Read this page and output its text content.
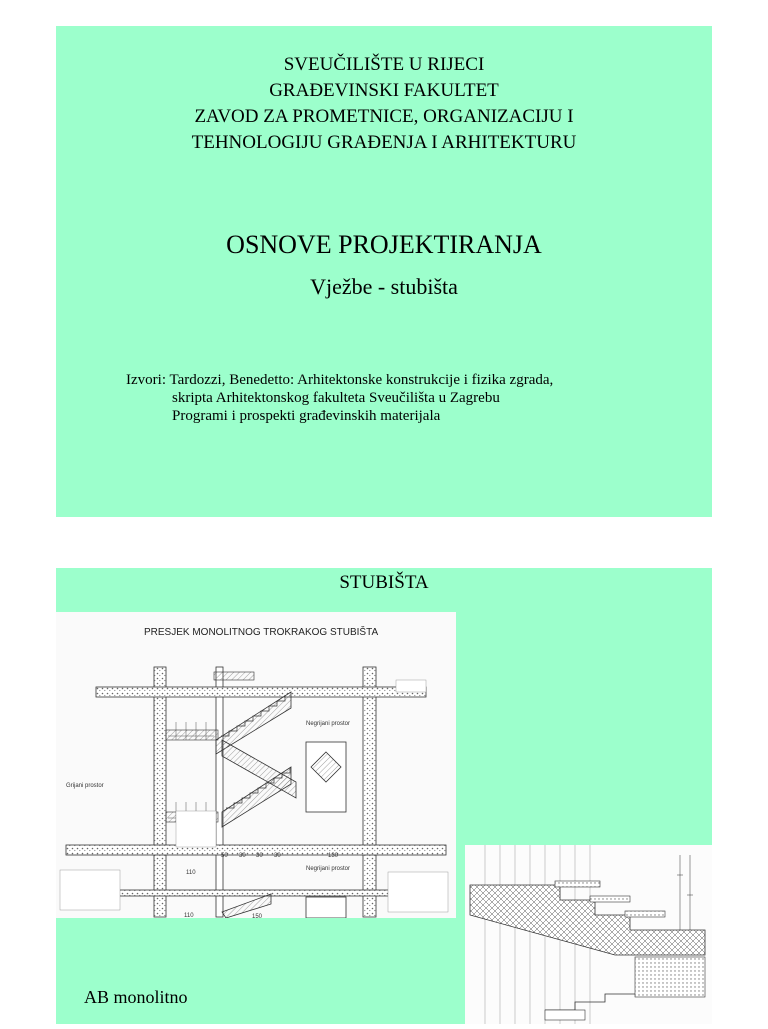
SVEUČILIŠTE U RIJECI
GRAĐEVINSKI FAKULTET
ZAVOD ZA PROMETNICE, ORGANIZACIJU I
TEHNOLOGIJU GRAĐENJA I ARHITEKTURU
OSNOVE PROJEKTIRANJA
Vježbe - stubišta
Izvori: Tardozzi, Benedetto: Arhitektonske konstrukcije i fizika zgrada,
skripta Arhitektonskog fakulteta Sveučilišta u Zagrebu
Programi i prospekti građevinskih materijala
STUBIŠTA
AB monolitno
PRESJEK MONOLITNOG TROKRAKOG STUBIŠTA
Grijani prostor
Negrijani prostor
Negrijani prostor
110
50 30 30 30	130
150
110
